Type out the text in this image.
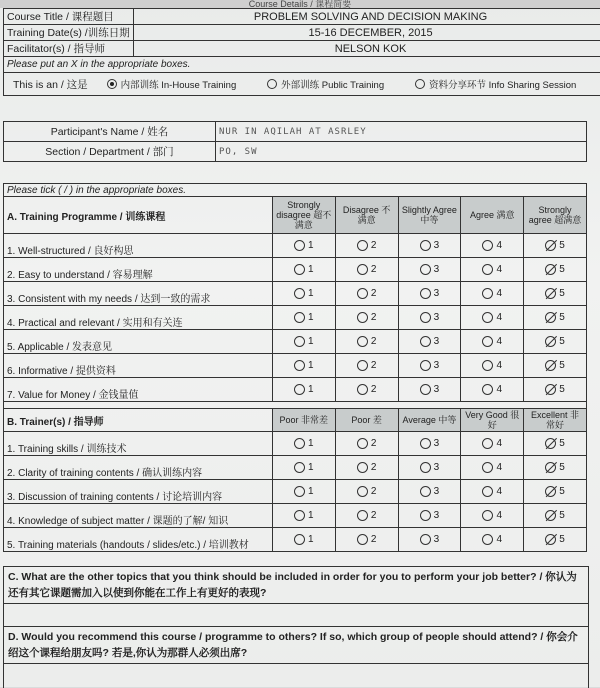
Course Details / 课程简要
Course Title / 课程题目	PROBLEM SOLVING AND DECISION MAKING
Training Date(s) /训练日期	15-16 DECEMBER, 2015
Facilitator(s) / 指导师	NELSON KOK
Please put an X in the appropriate boxes.	
This is an / 这是 内部训练 In-House Training 外部训练 Public Training 资料分享环节 Info Sharing Session	
Participant's Name / 姓名	NUR IN AQILAH AT ASRLEY
Section / Department / 部门	PO, SW
Please tick ( / ) in the appropriate boxes.					
A. Training Programme / 训练课程	Strongly disagree 超不满意	Disagree 不满意	Slightly Agree 中等	Agree 满意	Strongly agree 超满意
1. Well-structured / 良好构思	1	2	3	4	5
2. Easy to understand / 容易理解	1	2	3	4	5
3. Consistent with my needs / 达到一致的需求	1	2	3	4	5
4. Practical and relevant / 实用和有关连	1	2	3	4	5
5. Applicable / 发表意见	1	2	3	4	5
6. Informative / 提供资料	1	2	3	4	5
7. Value for Money / 金钱量值	1	2	3	4	5

B. Trainer(s) / 指导师	Poor 非常差	Poor 差	Average 中等	Very Good 很好	Excellent 非常好
1. Training skills / 训练技术	1	2	3	4	5
2. Clarity of training contents / 确认训练内容	1	2	3	4	5
3. Discussion of training contents / 讨论培训内容	1	2	3	4	5
4. Knowledge of subject matter / 课题的了解/ 知识	1	2	3	4	5
5. Training materials (handouts / slides/etc.) / 培训教材	1	2	3	4	5
C. What are the other topics that you think should be included in order for you to perform your job better? / 你认为还有其它课题需加入以使到你能在工作上有更好的表现?
D. Would you recommend this course / programme to others? If so, which group of people should attend? / 你会介绍这个课程给朋友吗? 若是,你认为那群人必须出席?
